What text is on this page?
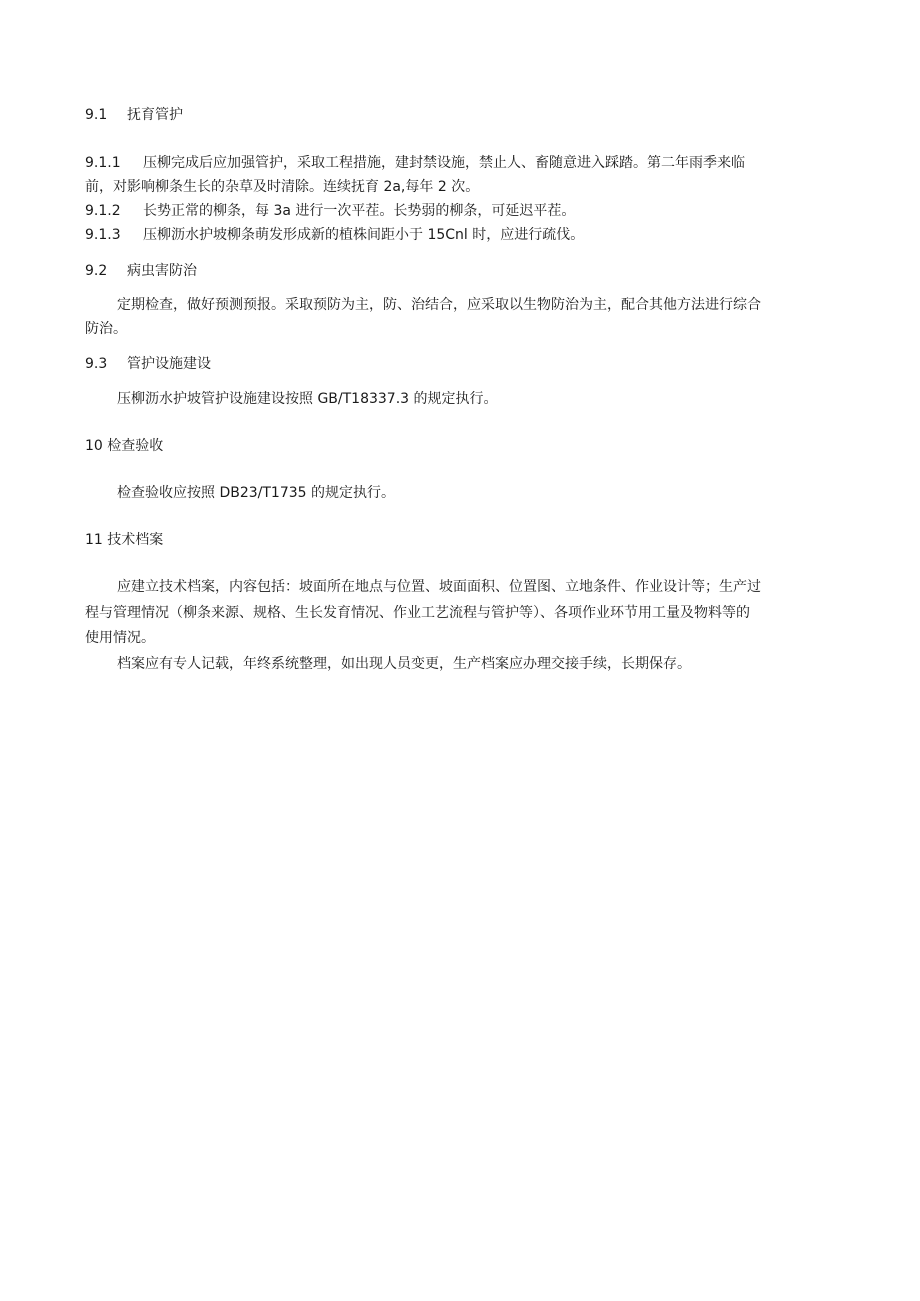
9.1 抚育管护
9.1.1 压柳完成后应加强管护，采取工程措施，建封禁设施，禁止人、畜随意进入踩踏。第二年雨季来临
前，对影响柳条生长的杂草及时清除。连续抚育 2a,每年 2 次。
9.1.2 长势正常的柳条，每 3a 进行一次平茬。长势弱的柳条，可延迟平茬。
9.1.3 压柳沥水护坡柳条萌发形成新的植株间距小于 15Cnl 时，应进行疏伐。
9.2 病虫害防治
定期检查，做好预测预报。采取预防为主，防、治结合，应采取以生物防治为主，配合其他方法进行综合
防治。
9.3 管护设施建设
压柳沥水护坡管护设施建设按照 GB/T18337.3 的规定执行。
10 检查验收
检查验收应按照 DB23/T1735 的规定执行。
11 技术档案
应建立技术档案，内容包括：坡面所在地点与位置、坡面面积、位置图、立地条件、作业设计等；生产过
程与管理情况（柳条来源、规格、生长发育情况、作业工艺流程与管护等）、各项作业环节用工量及物料等的
使用情况。
档案应有专人记载，年终系统整理，如出现人员变更，生产档案应办理交接手续，长期保存。
